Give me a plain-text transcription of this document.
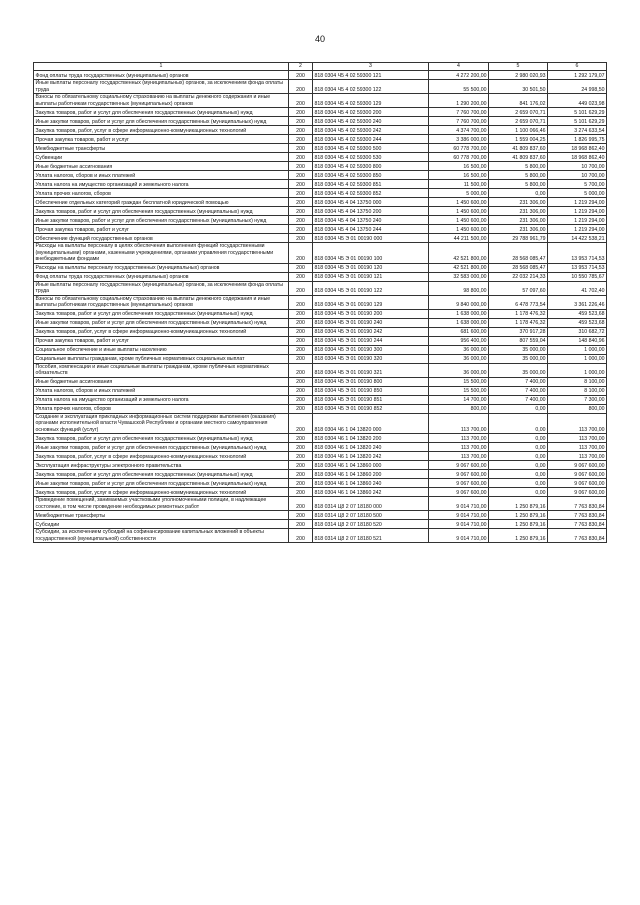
40
1	2	3	4	5	6
Фонд оплаты труда государственных (муниципальных) органов	200	818 0304 Ч5 4 02 59300 121	4 272 200,00	2 980 020,93	1 292 179,07
Иные выплаты персоналу государственных (муниципальных) органов, за исключением фонда оплаты труда	200	818 0304 Ч5 4 02 59300 122	55 500,00	30 501,50	24 998,50
Взносы по обязательному социальному страхованию на выплаты денежного содержания и иные выплаты работникам государственных (муниципальных) органов	200	818 0304 Ч5 4 02 59300 129	1 290 200,00	841 176,02	449 023,98
Закупка товаров, работ и услуг для обеспечения государственных (муниципальных) нужд	200	818 0304 Ч5 4 02 59300 200	7 760 700,00	2 659 070,71	5 101 629,29
Иные закупки товаров, работ и услуг для обеспечения государственных (муниципальных) нужд	200	818 0304 Ч5 4 02 59300 240	7 760 700,00	2 659 070,71	5 101 629,29
Закупка товаров, работ, услуг в сфере информационно-коммуникационных технологий	200	818 0304 Ч5 4 02 59300 242	4 374 700,00	1 100 066,46	3 274 633,54
Прочая закупка товаров, работ и услуг	200	818 0304 Ч5 4 02 59300 244	3 386 000,00	1 559 004,25	1 826 995,75
Межбюджетные трансферты	200	818 0304 Ч5 4 02 59300 500	60 778 700,00	41 809 837,60	18 968 862,40
Субвенции	200	818 0304 Ч5 4 02 59300 530	60 778 700,00	41 809 837,60	18 968 862,40
Иные бюджетные ассигнования	200	818 0304 Ч5 4 02 59300 800	16 500,00	5 800,00	10 700,00
Уплата налогов, сборов и иных платежей	200	818 0304 Ч5 4 02 59300 850	16 500,00	5 800,00	10 700,00
Уплата налога на имущество организаций и земельного налога	200	818 0304 Ч5 4 02 59300 851	11 500,00	5 800,00	5 700,00
Уплата прочих налогов, сборов	200	818 0304 Ч5 4 02 59300 852	5 000,00	0,00	5 000,00
Обеспечение отдельных категорий граждан бесплатной юридической помощью	200	818 0304 Ч5 4 04 13750 000	1 450 600,00	231 306,00	1 219 294,00
Закупка товаров, работ и услуг для обеспечения государственных (муниципальных) нужд	200	818 0304 Ч5 4 04 13750 200	1 450 600,00	231 306,00	1 219 294,00
Иные закупки товаров, работ и услуг для обеспечения государственных (муниципальных) нужд	200	818 0304 Ч5 4 04 13750 240	1 450 600,00	231 306,00	1 219 294,00
Прочая закупка товаров, работ и услуг	200	818 0304 Ч5 4 04 13750 244	1 450 600,00	231 306,00	1 219 294,00
Обеспечение функций государственных органов	200	818 0304 Ч5 Э 01 00190 000	44 211 500,00	29 788 961,79	14 422 538,21
Расходы на выплаты персоналу в целях обеспечения выполнения функций государственными (муниципальными) органами, казенными учреждениями, органами управления государственными внебюджетными фондами	200	818 0304 Ч5 Э 01 00190 100	42 521 800,00	28 568 085,47	13 953 714,53
Расходы на выплаты персоналу государственных (муниципальных) органов	200	818 0304 Ч5 Э 01 00190 120	42 521 800,00	28 568 085,47	13 953 714,53
Фонд оплаты труда государственных (муниципальных) органов	200	818 0304 Ч5 Э 01 00190 121	32 583 000,00	22 032 214,33	10 550 785,67
Иные выплаты персоналу государственных (муниципальных) органов, за исключением фонда оплаты труда	200	818 0304 Ч5 Э 01 00190 122	98 800,00	57 097,60	41 702,40
Взносы по обязательному социальному страхованию на выплаты денежного содержания и иные выплаты работникам государственных (муниципальных) органов	200	818 0304 Ч5 Э 01 00190 129	9 840 000,00	6 478 773,54	3 361 226,46
Закупка товаров, работ и услуг для обеспечения государственных (муниципальных) нужд	200	818 0304 Ч5 Э 01 00190 200	1 638 000,00	1 178 476,32	459 523,68
Иные закупки товаров, работ и услуг для обеспечения государственных (муниципальных) нужд	200	818 0304 Ч5 Э 01 00190 240	1 638 000,00	1 178 476,32	459 523,68
Закупка товаров, работ, услуг в сфере информационно-коммуникационных технологий	200	818 0304 Ч5 Э 01 00190 242	681 600,00	370 917,28	310 682,72
Прочая закупка товаров, работ и услуг	200	818 0304 Ч5 Э 01 00190 244	956 400,00	807 559,04	148 840,96
Социальное обеспечение и иные выплаты населению	200	818 0304 Ч5 Э 01 00190 300	36 000,00	35 000,00	1 000,00
Социальные выплаты гражданам, кроме публичных нормативных социальных выплат	200	818 0304 Ч5 Э 01 00190 320	36 000,00	35 000,00	1 000,00
Пособия, компенсации и иные социальные выплаты гражданам, кроме публичных нормативных обязательств	200	818 0304 Ч5 Э 01 00190 321	36 000,00	35 000,00	1 000,00
Иные бюджетные ассигнования	200	818 0304 Ч5 Э 01 00190 800	15 500,00	7 400,00	8 100,00
Уплата налогов, сборов и иных платежей	200	818 0304 Ч5 Э 01 00190 850	15 500,00	7 400,00	8 100,00
Уплата налога на имущество организаций и земельного налога	200	818 0304 Ч5 Э 01 00190 851	14 700,00	7 400,00	7 300,00
Уплата прочих налогов, сборов	200	818 0304 Ч5 Э 01 00190 852	800,00	0,00	800,00
Создание и эксплуатация прикладных информационных систем поддержки выполнения (оказания) органами исполнительной власти Чувашской Республики и органами местного самоуправления основных функций (услуг)	200	818 0304 Ч6 1 04 13820 000	113 700,00	0,00	113 700,00
Закупка товаров, работ и услуг для обеспечения государственных (муниципальных) нужд	200	818 0304 Ч6 1 04 13820 200	113 700,00	0,00	113 700,00
Иные закупки товаров, работ и услуг для обеспечения государственных (муниципальных) нужд	200	818 0304 Ч6 1 04 13820 240	113 700,00	0,00	113 700,00
Закупка товаров, работ, услуг в сфере информационно-коммуникационных технологий	200	818 0304 Ч6 1 04 13820 242	113 700,00	0,00	113 700,00
Эксплуатация инфраструктуры электронного правительства	200	818 0304 Ч6 1 04 13860 000	9 067 600,00	0,00	9 067 600,00
Закупка товаров, работ и услуг для обеспечения государственных (муниципальных) нужд	200	818 0304 Ч6 1 04 13860 200	9 067 600,00	0,00	9 067 600,00
Иные закупки товаров, работ и услуг для обеспечения государственных (муниципальных) нужд	200	818 0304 Ч6 1 04 13860 240	9 067 600,00	0,00	9 067 600,00
Закупка товаров, работ, услуг в сфере информационно-коммуникационных технологий	200	818 0304 Ч6 1 04 13860 242	9 067 600,00	0,00	9 067 600,00
Приведение помещений, занимаемых участковыми уполномоченными полиции, в надлежащее состояние, в том числе проведение необходимых ремонтных работ	200	818 0314 Ц8 2 07 18180 000	9 014 710,00	1 250 879,16	7 763 830,84
Межбюджетные трансферты	200	818 0314 Ц8 2 07 18180 500	9 014 710,00	1 250 879,16	7 763 830,84
Субсидии	200	818 0314 Ц8 2 07 18180 520	9 014 710,00	1 250 879,16	7 763 830,84
Субсидии, за исключением субсидий на софинансирование капитальных вложений в объекты государственной (муниципальной) собственности	200	818 0314 Ц8 2 07 18180 521	9 014 710,00	1 250 879,16	7 763 830,84
